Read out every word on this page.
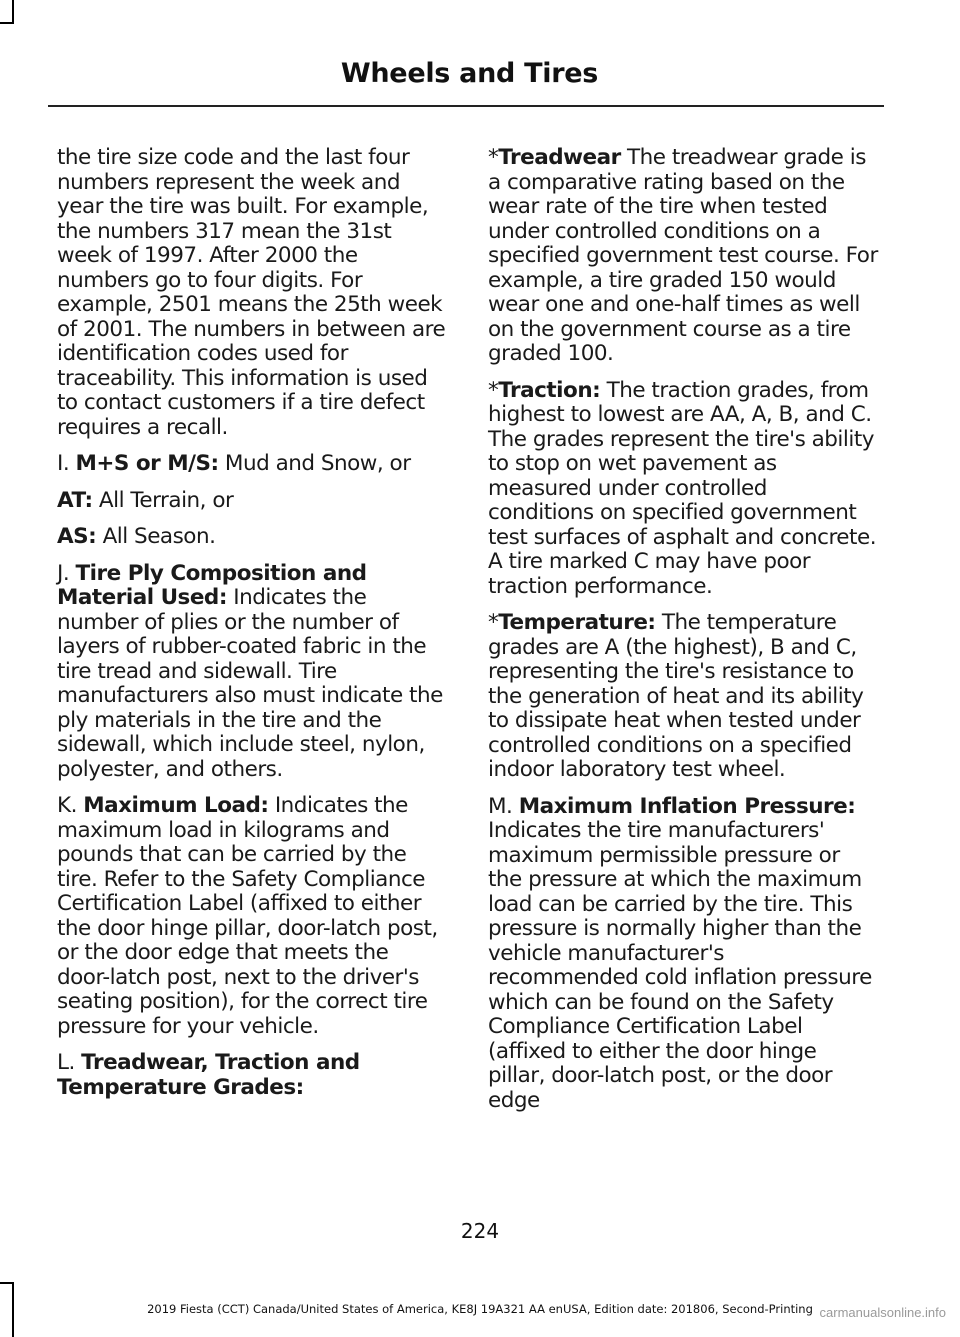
Wheels and Tires

the tire size code and the last four numbers represent the week and year the tire was built. For example, the numbers 317 mean the 31st week of 1997. After 2000 the numbers go to four digits. For example, 2501 means the 25th week of 2001. The numbers in between are identification codes used for traceability. This information is used to contact customers if a tire defect requires a recall.

I. M+S or M/S: Mud and Snow, or

AT: All Terrain, or

AS: All Season.

J. Tire Ply Composition and Material Used: Indicates the number of plies or the number of layers of rubber-coated fabric in the tire tread and sidewall. Tire manufacturers also must indicate the ply materials in the tire and the sidewall, which include steel, nylon, polyester, and others.

K. Maximum Load: Indicates the maximum load in kilograms and pounds that can be carried by the tire. Refer to the Safety Compliance Certification Label (affixed to either the door hinge pillar, door-latch post, or the door edge that meets the door-latch post, next to the driver's seating position), for the correct tire pressure for your vehicle.

L. Treadwear, Traction and Temperature Grades:

*Treadwear The treadwear grade is a comparative rating based on the wear rate of the tire when tested under controlled conditions on a specified government test course. For example, a tire graded 150 would wear one and one-half times as well on the government course as a tire graded 100.

*Traction: The traction grades, from highest to lowest are AA, A, B, and C. The grades represent the tire's ability to stop on wet pavement as measured under controlled conditions on specified government test surfaces of asphalt and concrete. A tire marked C may have poor traction performance.

*Temperature: The temperature grades are A (the highest), B and C, representing the tire's resistance to the generation of heat and its ability to dissipate heat when tested under controlled conditions on a specified indoor laboratory test wheel.

M. Maximum Inflation Pressure: Indicates the tire manufacturers' maximum permissible pressure or the pressure at which the maximum load can be carried by the tire. This pressure is normally higher than the vehicle manufacturer's recommended cold inflation pressure which can be found on the Safety Compliance Certification Label (affixed to either the door hinge pillar, door-latch post, or the door edge

224
2019 Fiesta (CCT) Canada/United States of America, KE8J 19A321 AA enUSA, Edition date: 201806, Second-Printing carmanualsonline.info
